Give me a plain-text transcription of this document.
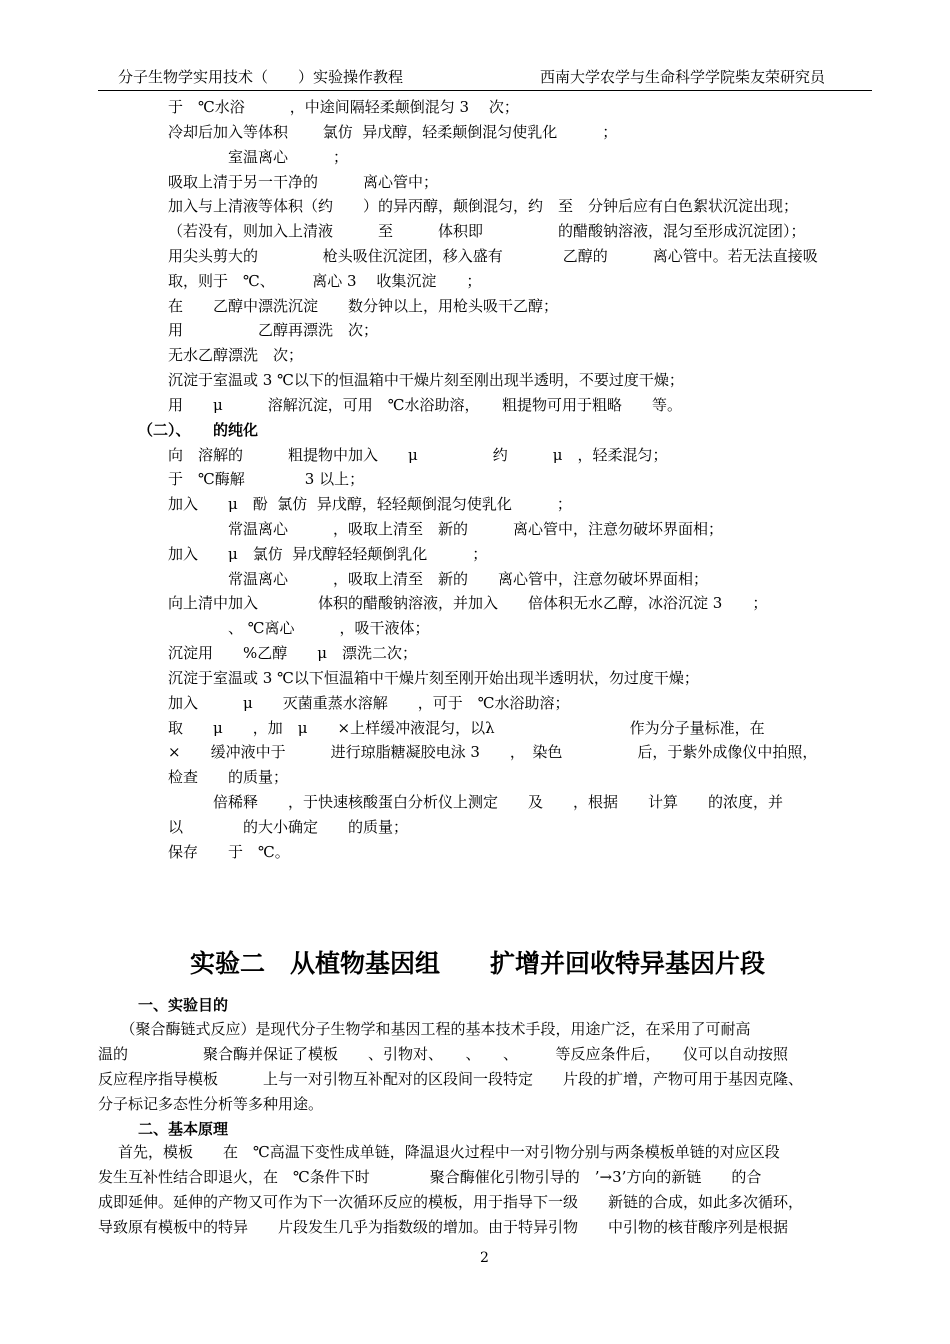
分子生物学实用技术（　　）实验操作教程	西南大学农学与生命科学学院柴友荣研究员
于　℃水浴　　　，中途间隔轻柔颠倒混匀 3　 次；
冷却后加入等体积　　 氯仿  异戊醇，轻柔颠倒混匀使乳化　　　；
　　　　室温离心　　　；
吸取上清于另一干净的　　　离心管中；
加入与上清液等体积（约　　）的异丙醇，颠倒混匀，约　至　分钟后应有白色絮状沉淀出现；
（若没有，则加入上清液　　　至　　　体积即　　　　　的醋酸钠溶液，混匀至形成沉淀团）；
用尖头剪大的　　　　 枪头吸住沉淀团，移入盛有　　　　乙醇的　　　离心管中。若无法直接吸
取，则于　℃、　　　离心 3　 收集沉淀　　；
在　　乙醇中漂洗沉淀　　数分钟以上，用枪头吸干乙醇；
用　　　　　乙醇再漂洗　次；
无水乙醇漂洗　次；
沉淀于室温或 3 ℃以下的恒温箱中干燥片刻至刚出现半透明，不要过度干燥；
用　　μ　　　溶解沉淀，可用　℃水浴助溶，　　粗提物可用于粗略　　等。
（二）、　　的纯化
向　溶解的　　　粗提物中加入　　μ　　　　　约　　　μ　，轻柔混匀；
于　℃酶解　　　　3 以上；
加入　　μ　酚  氯仿  异戊醇，轻轻颠倒混匀使乳化　　　；
　　　　常温离心　　　，吸取上清至　新的　　　离心管中，注意勿破坏界面相；
加入　　μ　氯仿  异戊醇轻轻颠倒乳化　　　；
　　　　常温离心　　　，吸取上清至　新的　　离心管中，注意勿破坏界面相；
向上清中加入　　　　体积的醋酸钠溶液，并加入　　倍体积无水乙醇，冰浴沉淀 3　　；
　　　　、 ℃离心　　　，吸干液体；
沉淀用　　%乙醇　　μ　漂洗二次；
沉淀于室温或 3 ℃以下恒温箱中干燥片刻至刚开始出现半透明状，勿过度干燥；
加入　　　μ　　灭菌重蒸水溶解　　，可于　℃水浴助溶；
取　　μ　　，加　μ　　×上样缓冲液混匀，以λ　　　　　　　　　作为分子量标准，在
×　　缓冲液中于　　　进行琼脂糖凝胶电泳 3　　，　染色　　　　　后，于紫外成像仪中拍照，
检查　　的质量；
　　　倍稀释　　，于快速核酸蛋白分析仪上测定　　及　　，根据　　计算　　的浓度，并
以　　　　的大小确定　　的质量；
保存　　于　℃。
实验二　从植物基因组　　扩增并回收特异基因片段
一、实验目的
　　（聚合酶链式反应）是现代分子生物学和基因工程的基本技术手段，用途广泛，在采用了可耐高
温的　　　　　聚合酶并保证了模板　　、引物对、　　、　　、　　　等反应条件后，　　仪可以自动按照
反应程序指导模板　　　上与一对引物互补配对的区段间一段特定　　片段的扩增，产物可用于基因克隆、
分子标记多态性分析等多种用途。
二、基本原理
首先，模板　　在　℃高温下变性成单链，降温退火过程中一对引物分别与两条模板单链的对应区段
发生互补性结合即退火，在　℃条件下时　　　　聚合酶催化引物引导的　’→3’方向的新链　　的合
成即延伸。延伸的产物又可作为下一次循环反应的模板，用于指导下一级　　新链的合成，如此多次循环，
导致原有模板中的特异　　片段发生几乎为指数级的增加。由于特异引物　　中引物的核苷酸序列是根据
2
